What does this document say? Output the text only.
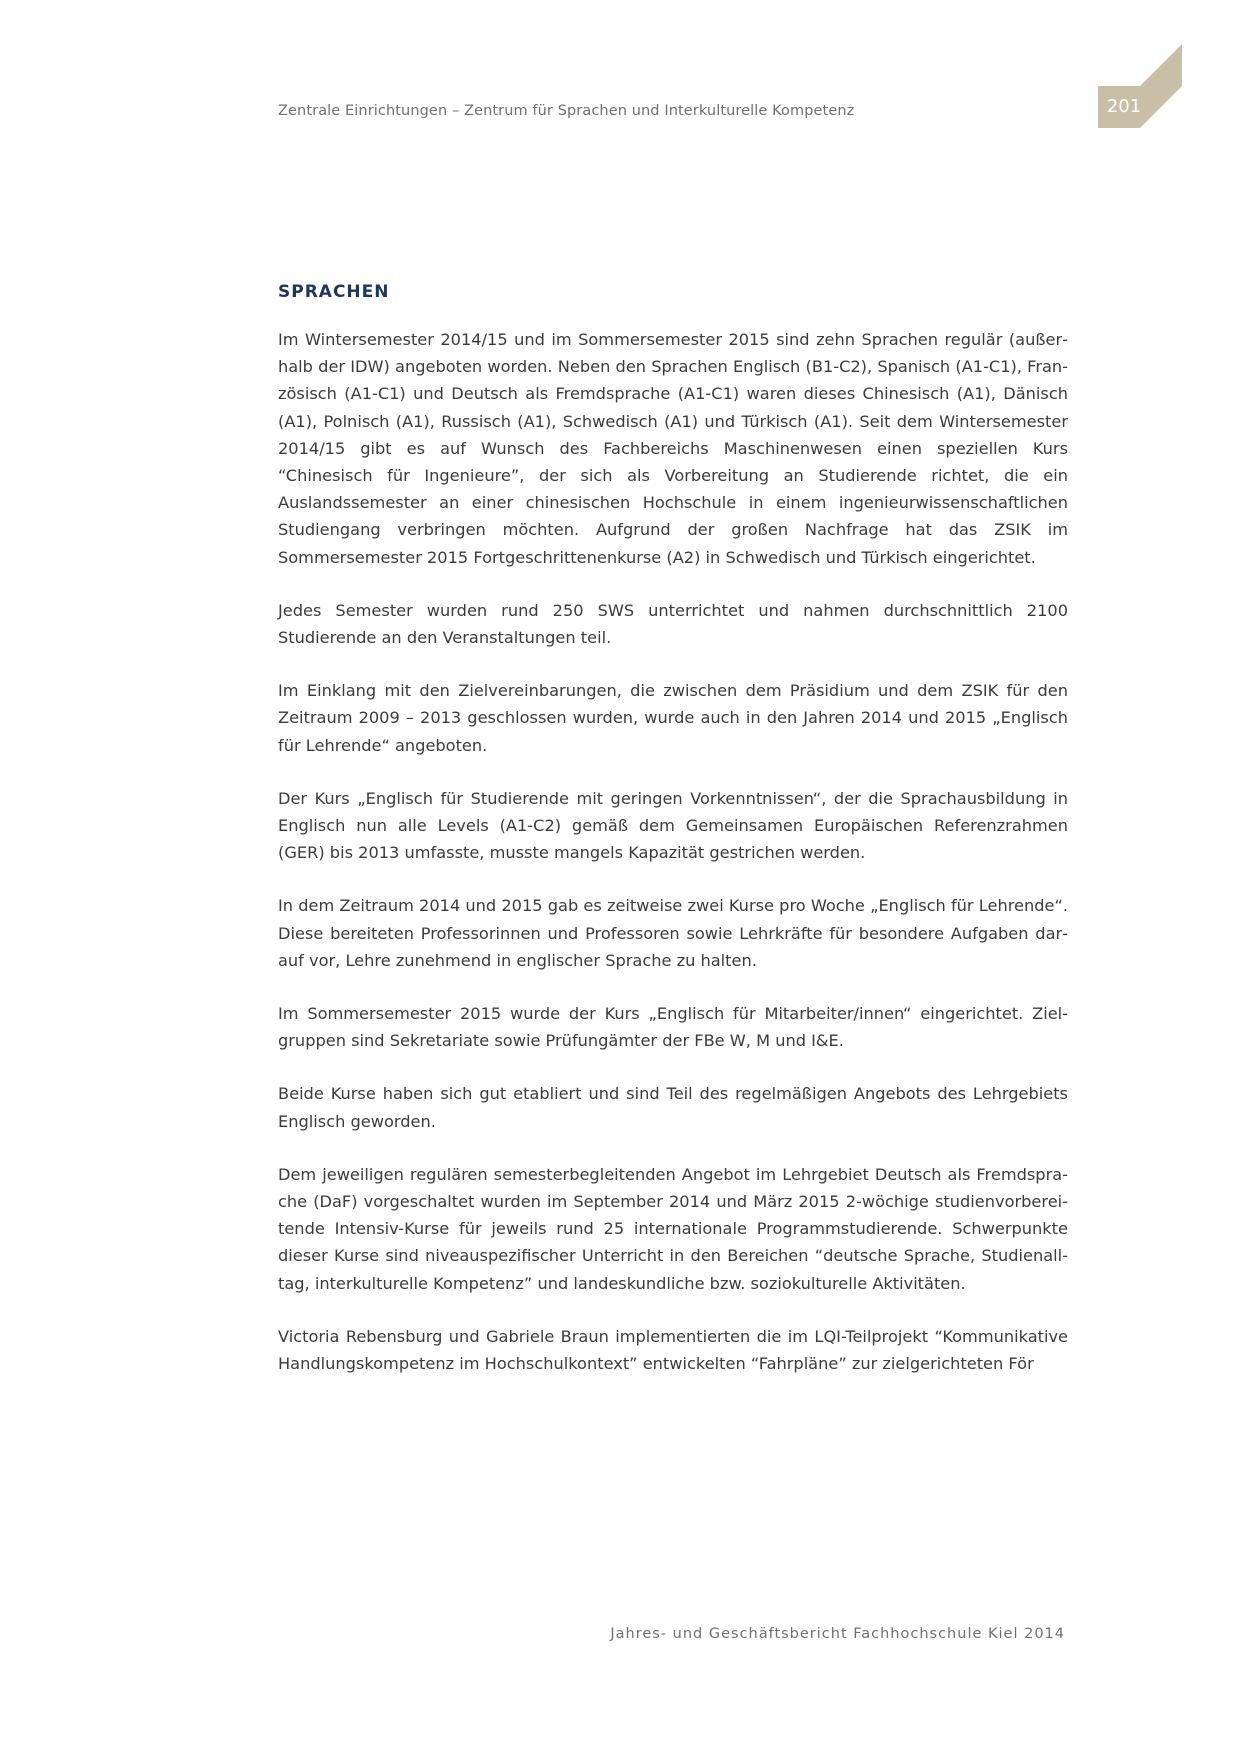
Zentrale Einrichtungen – Zentrum für Sprachen und Interkulturelle Kompetenz	201
SPRACHEN

Im Wintersemester 2014/15 und im Sommersemester 2015 sind zehn Sprachen regulär (außerhalb der IDW) angeboten worden. Neben den Sprachen Englisch (B1-C2), Spanisch (A1-C1), Französisch (A1-C1) und Deutsch als Fremdsprache (A1-C1) waren dieses Chinesisch (A1), Dänisch (A1), Polnisch (A1), Russisch (A1), Schwedisch (A1) und Türkisch (A1). Seit dem Wintersemester 2014/15 gibt es auf Wunsch des Fachbereichs Maschinenwesen einen speziellen Kurs “Chinesisch für Ingenieure”, der sich als Vorbereitung an Studierende richtet, die ein Auslandssemester an einer chinesischen Hochschule in einem ingenieurwissenschaftlichen Studiengang verbringen möchten. Aufgrund der großen Nachfrage hat das ZSIK im Sommersemester 2015 Fortgeschrittenenkurse (A2) in Schwedisch und Türkisch eingerichtet.

Jedes Semester wurden rund 250 SWS unterrichtet und nahmen durchschnittlich 2100 Studierende an den Veranstaltungen teil.

Im Einklang mit den Zielvereinbarungen, die zwischen dem Präsidium und dem ZSIK für den Zeitraum 2009 – 2013 geschlossen wurden, wurde auch in den Jahren 2014 und 2015 „Englisch für Lehrende“ angeboten.

Der Kurs „Englisch für Studierende mit geringen Vorkenntnissen“, der die Sprachausbildung in Englisch nun alle Levels (A1-C2) gemäß dem Gemeinsamen Europäischen Referenzrahmen (GER) bis 2013 umfasste, musste mangels Kapazität gestrichen werden.

In dem Zeitraum 2014 und 2015 gab es zeitweise zwei Kurse pro Woche „Englisch für Lehrende“. Diese bereiteten Professorinnen und Professoren sowie Lehrkräfte für besondere Aufgaben darauf vor, Lehre zunehmend in englischer Sprache zu halten.

Im Sommersemester 2015 wurde der Kurs „Englisch für Mitarbeiter/innen“ eingerichtet. Zielgruppen sind Sekretariate sowie Prüfungämter der FBe W, M und I&E.

Beide Kurse haben sich gut etabliert und sind Teil des regelmäßigen Angebots des Lehrgebiets Englisch geworden.

Dem jeweiligen regulären semesterbegleitenden Angebot im Lehrgebiet Deutsch als Fremdsprache (DaF) vorgeschaltet wurden im September 2014 und März 2015 2-wöchige studienvorbereitende Intensiv-Kurse für jeweils rund 25 internationale Programmstudierende. Schwerpunkte dieser Kurse sind niveauspezifischer Unterricht in den Bereichen “deutsche Sprache, Studienalltag, interkulturelle Kompetenz” und landeskundliche bzw. soziokulturelle Aktivitäten.

Victoria Rebensburg und Gabriele Braun implementierten die im LQI-Teilprojekt “Kommunikative Handlungskompetenz im Hochschulkontext” entwickelten “Fahrpläne” zur zielgerichteten För

Jahres- und Geschäftsbericht Fachhochschule Kiel 2014
